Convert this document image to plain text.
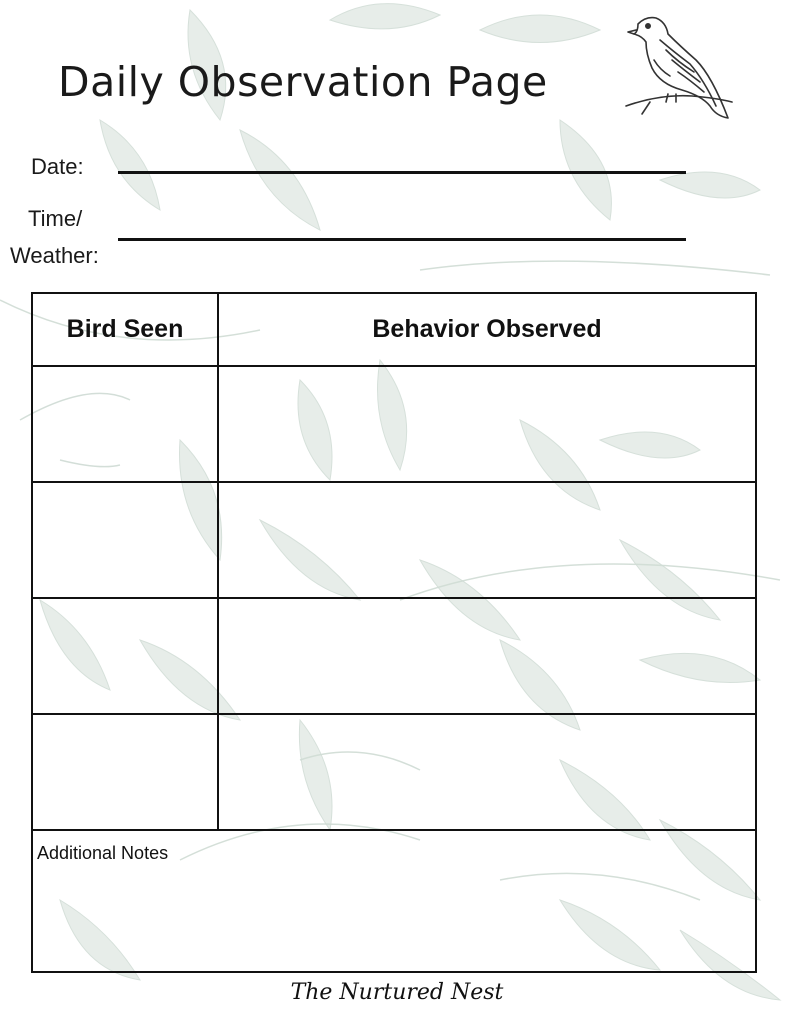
Daily Observation Page
Date:
Time/
Weather:
Bird Seen	Behavior Observed

Additional Notes	
The Nurtured Nest
